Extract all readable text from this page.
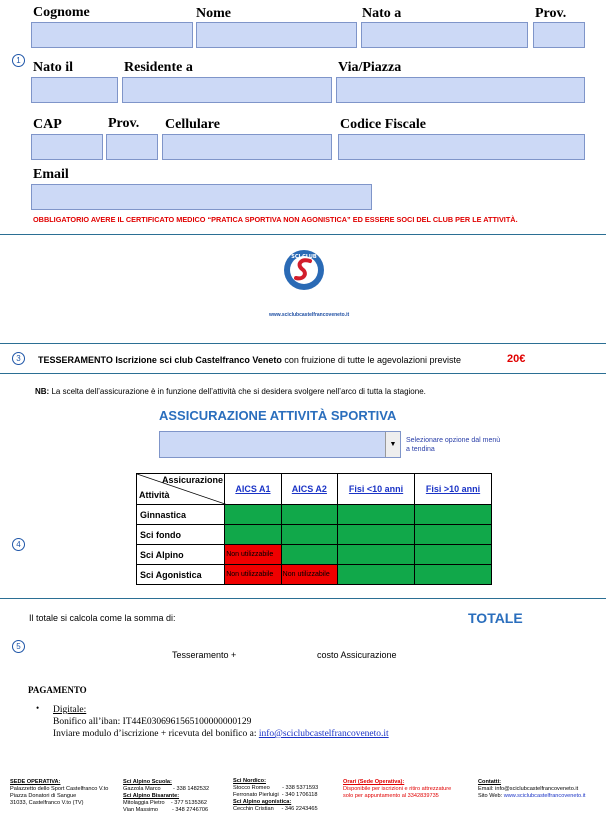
Cognome	Nome	Nato a	Prov.
1 Nato il	Residente a	Via/Piazza
CAP	Prov. Cellulare	Codice Fiscale
Email
OBBLIGATORIO AVERE IL CERTIFICATO MEDICO “PRATICA SPORTIVA NON AGONISTICA” ED ESSERE SOCI DEL CLUB PER LE ATTIVITÀ.
SCI CLUB
www.sciclubcastelfrancoveneto.it
3	TESSERAMENTO Iscrizione sci club Castelfranco Veneto con fruizione di tutte le agevolazioni previste	20€
NB: La scelta dell’assicurazione è in funzione dell’attività che si desidera svolgere nell’arco di tutta la stagione.
ASSICURAZIONE ATTIVITÀ SPORTIVA
▼
Selezionare opzione dal menù a tendina
4
Assicurazione
Attività	AICS A1	AICS A2	Fisi <10 anni	Fisi >10 anni
Ginnastica				
Sci fondo				
Sci Alpino	Non utilizzabile			
Sci Agonistica	Non utilizzabile	Non utilizzabile		
Il totale si calcola come la somma di:	TOTALE
5
Tesseramento +	costo Assicurazione
PAGAMENTO
• Digitale:
Bonifico all’iban: IT44E0306961565100000000129
Inviare modulo d’iscrizione + ricevuta del bonifico a: info@sciclubcastelfrancoveneto.it
SEDE OPERATIVA:
Palazzetto dello Sport Castelfranco V.to
Piazza Donatori di Sangue
31033, Castelfranco V.to (TV)
Sci Alpino Scuola:
Gazzola Marco        - 338 1482532
Sci Alpino Bisarante:
Mitolaggia Pietro    - 377 5135362
Vian Massimo         - 348 2746706
Sci Nordico:
Stocco Romeo        - 338 5371593
Ferronato Pierluigi  - 340 1706118
Sci Alpino agonistica:
Cecchin Cristian     - 346 2243465
Orari (Sede Operativa):
Disponibile per iscrizioni e ritiro attrezzature
solo per appuntamento al 3342839735
Contatti:
Email: info@sciclubcastelfrancoveneto.it
Sito Web: www.sciclubcastelfrancoveneto.it
